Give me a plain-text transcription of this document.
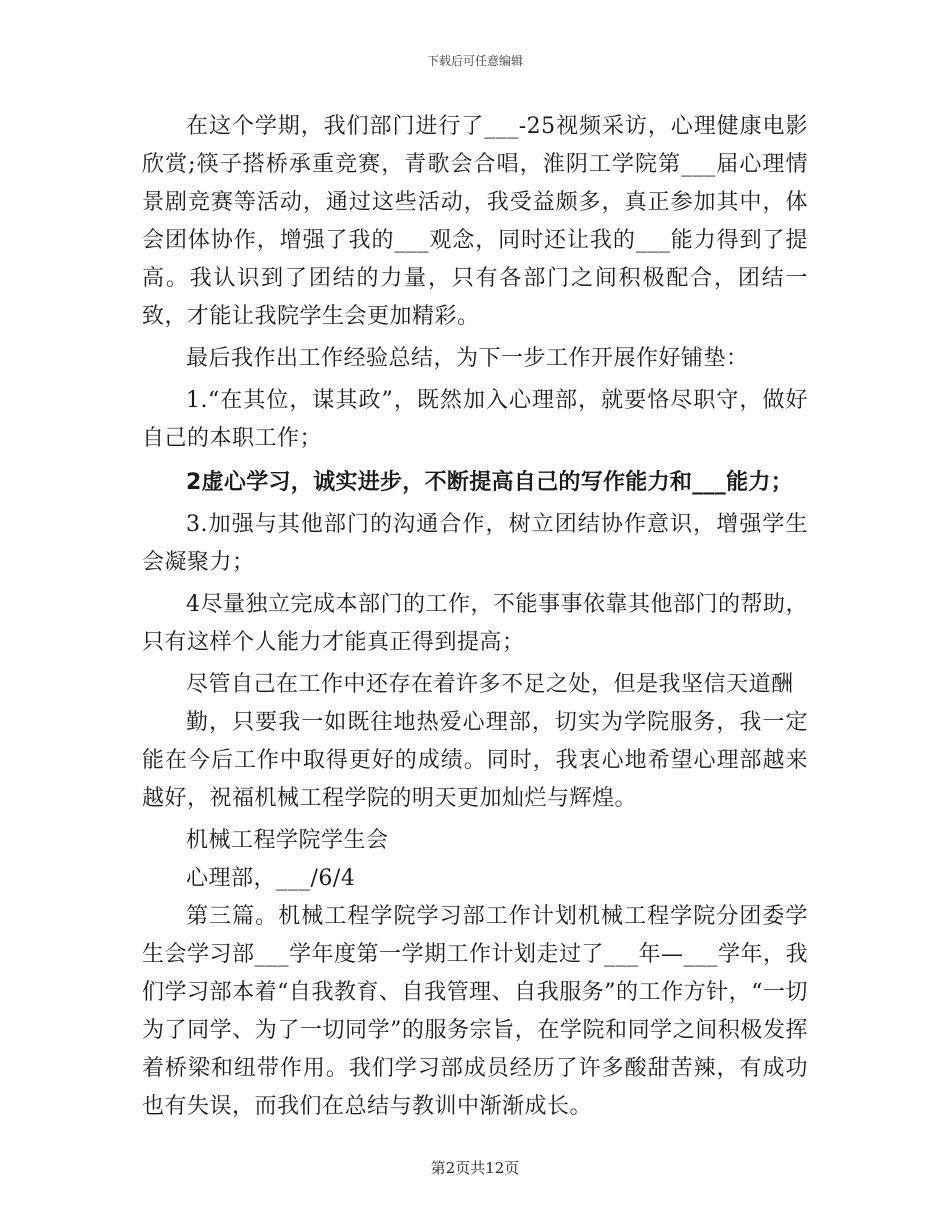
下载后可任意编辑

在这个学期，我们部门进行了___-25视频采访，心理健康电影欣赏;筷子搭桥承重竞赛，青歌会合唱，淮阴工学院第___届心理情景剧竞赛等活动，通过这些活动，我受益颇多，真正参加其中，体会团体协作，增强了我的___观念，同时还让我的___能力得到了提高。我认识到了团结的力量，只有各部门之间积极配合，团结一致，才能让我院学生会更加精彩。

最后我作出工作经验总结，为下一步工作开展作好铺垫：

1.“在其位，谋其政”，既然加入心理部，就要恪尽职守，做好自己的本职工作；

2虚心学习，诚实进步，不断提高自己的写作能力和___能力；

3.加强与其他部门的沟通合作，树立团结协作意识，增强学生会凝聚力；

4尽量独立完成本部门的工作，不能事事依靠其他部门的帮助，只有这样个人能力才能真正得到提高；

尽管自己在工作中还存在着许多不足之处，但是我坚信天道酬

勤，只要我一如既往地热爱心理部，切实为学院服务，我一定能在今后工作中取得更好的成绩。同时，我衷心地希望心理部越来越好，祝福机械工程学院的明天更加灿烂与辉煌。

机械工程学院学生会

心理部，___/6/4

第三篇。机械工程学院学习部工作计划机械工程学院分团委学生会学习部___学年度第一学期工作计划走过了___年—___学年，我们学习部本着“自我教育、自我管理、自我服务”的工作方针，“一切为了同学、为了一切同学”的服务宗旨，在学院和同学之间积极发挥着桥梁和纽带作用。我们学习部成员经历了许多酸甜苦辣，有成功也有失误，而我们在总结与教训中渐渐成长。

第2页共12页
